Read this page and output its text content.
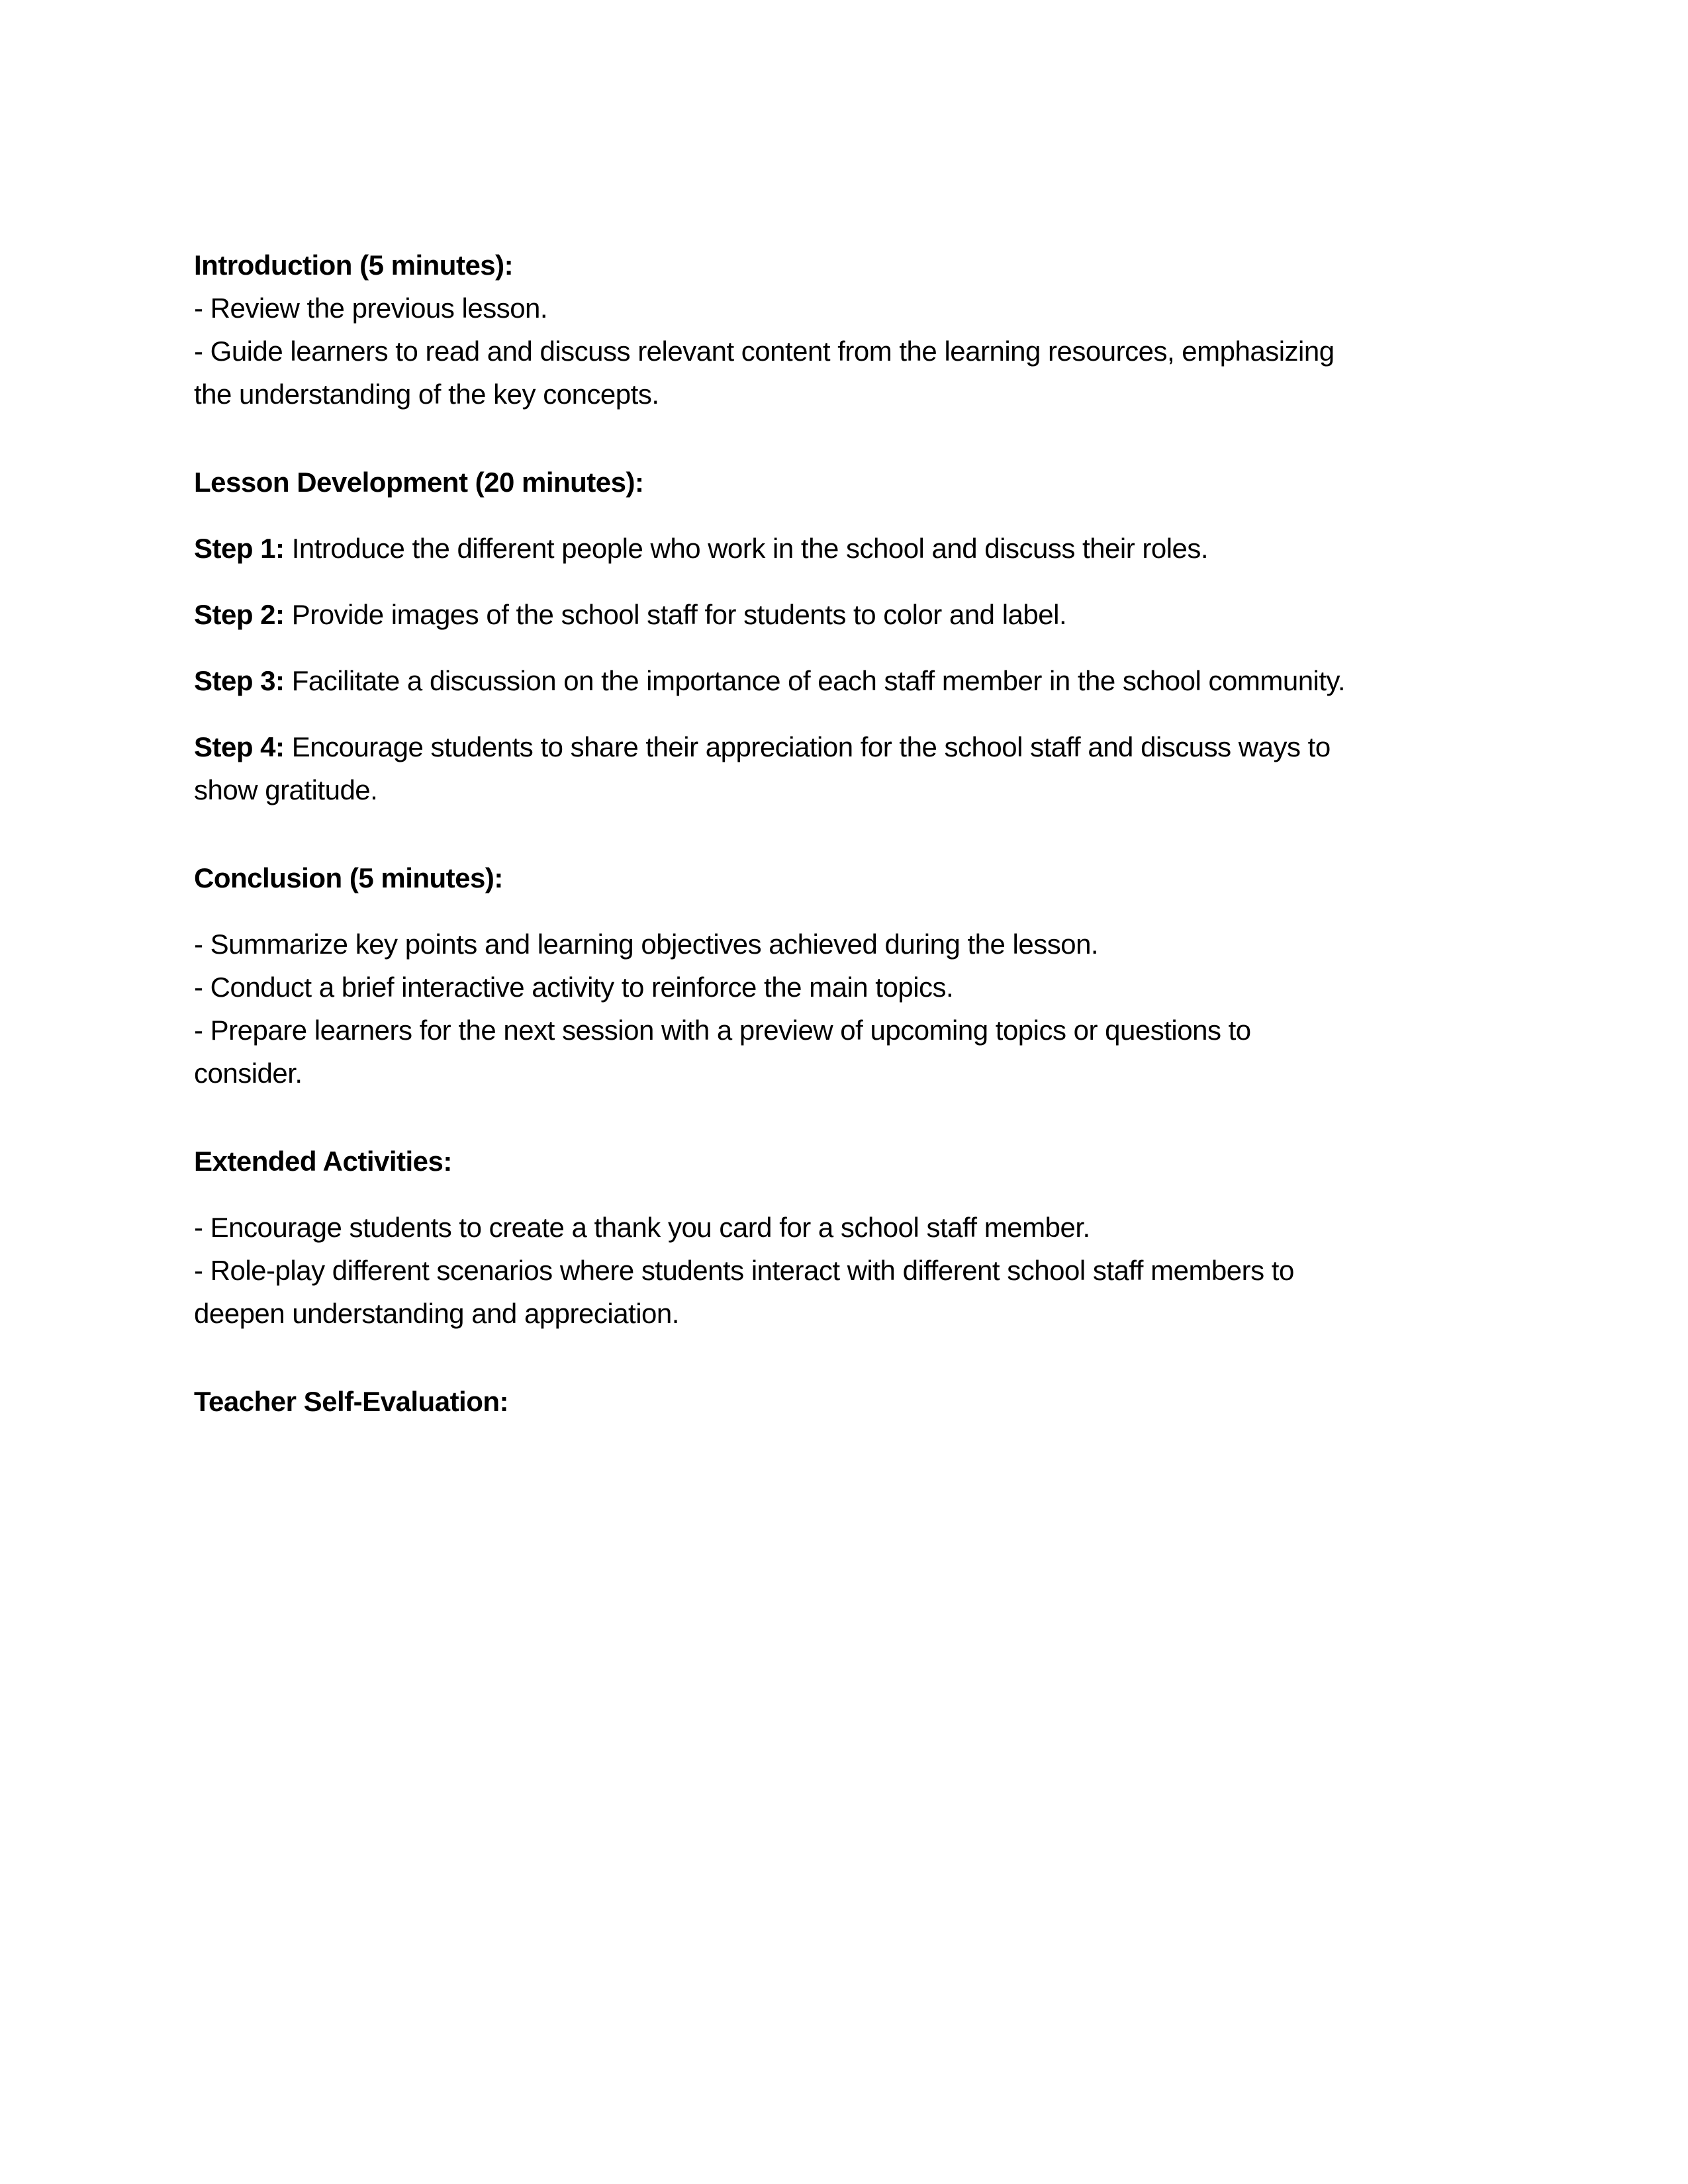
Introduction (5 minutes):
- Review the previous lesson.
- Guide learners to read and discuss relevant content from the learning resources, emphasizing
the understanding of the key concepts.
Lesson Development (20 minutes):
Step 1: Introduce the different people who work in the school and discuss their roles.
Step 2: Provide images of the school staff for students to color and label.
Step 3: Facilitate a discussion on the importance of each staff member in the school community.
Step 4: Encourage students to share their appreciation for the school staff and discuss ways to
show gratitude.
Conclusion (5 minutes):
- Summarize key points and learning objectives achieved during the lesson.
- Conduct a brief interactive activity to reinforce the main topics.
- Prepare learners for the next session with a preview of upcoming topics or questions to
consider.
Extended Activities:
- Encourage students to create a thank you card for a school staff member.
- Role-play different scenarios where students interact with different school staff members to
deepen understanding and appreciation.
Teacher Self-Evaluation:
